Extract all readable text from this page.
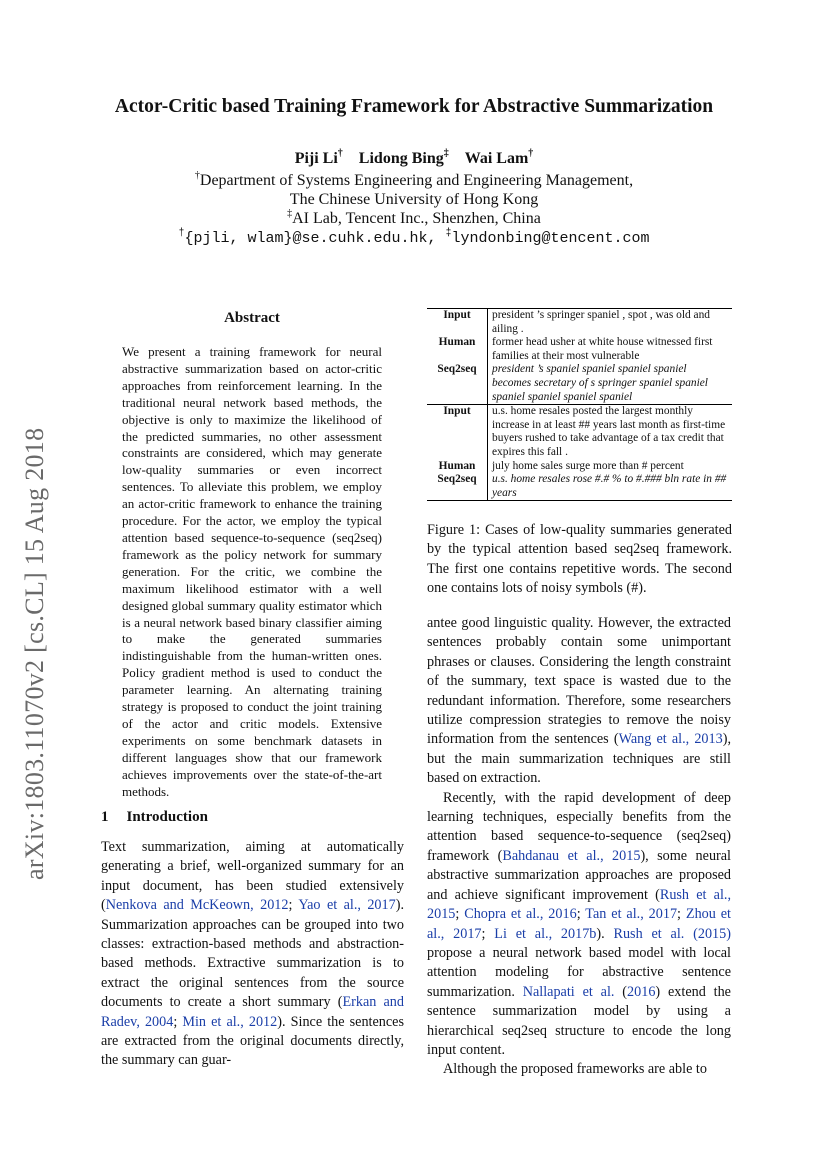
arXiv:1803.11070v2 [cs.CL] 15 Aug 2018
Actor-Critic based Training Framework for Abstractive Summarization
Piji Li† Lidong Bing‡ Wai Lam†
†Department of Systems Engineering and Engineering Management,
The Chinese University of Hong Kong
‡AI Lab, Tencent Inc., Shenzhen, China
†{pjli, wlam}@se.cuhk.edu.hk, ‡lyndonbing@tencent.com
Abstract
We present a training framework for neural abstractive summarization based on actor-critic approaches from reinforcement learning. In the traditional neural network based methods, the objective is only to maximize the likelihood of the predicted summaries, no other assessment constraints are considered, which may generate low-quality summaries or even incorrect sentences. To alleviate this problem, we employ an actor-critic framework to enhance the training procedure. For the actor, we employ the typical attention based sequence-to-sequence (seq2seq) framework as the policy network for summary generation. For the critic, we combine the maximum likelihood estimator with a well designed global summary quality estimator which is a neural network based binary classifier aiming to make the generated summaries indistinguishable from the human-written ones. Policy gradient method is used to conduct the parameter learning. An alternating training strategy is proposed to conduct the joint training of the actor and critic models. Extensive experiments on some benchmark datasets in different languages show that our framework achieves improvements over the state-of-the-art methods.
1 Introduction
Text summarization, aiming at automatically generating a brief, well-organized summary for an input document, has been studied extensively (Nenkova and McKeown, 2012; Yao et al., 2017). Summarization approaches can be grouped into two classes: extraction-based methods and abstraction-based methods. Extractive summarization is to extract the original sentences from the source documents to create a short summary (Erkan and Radev, 2004; Min et al., 2012). Since the sentences are extracted from the original documents directly, the summary can guar-
Input	president ’s springer spaniel , spot , was old and ailing .
Human	former head usher at white house witnessed first families at their most vulnerable
Seq2seq	president ’s spaniel spaniel spaniel spaniel becomes secretary of s springer spaniel spaniel spaniel spaniel spaniel spaniel
Input	u.s. home resales posted the largest monthly increase in at least ## years last month as first-time buyers rushed to take advantage of a tax credit that expires this fall .
Human	july home sales surge more than # percent
Seq2seq	u.s. home resales rose #.# % to #.### bln rate in ## years
Figure 1: Cases of low-quality summaries generated by the typical attention based seq2seq framework. The first one contains repetitive words. The second one contains lots of noisy symbols (#).

antee good linguistic quality. However, the extracted sentences probably contain some unimportant phrases or clauses. Considering the length constraint of the summary, text space is wasted due to the redundant information. Therefore, some researchers utilize compression strategies to remove the noisy information from the sentences (Wang et al., 2013), but the main summarization techniques are still based on extraction.

Recently, with the rapid development of deep learning techniques, especially benefits from the attention based sequence-to-sequence (seq2seq) framework (Bahdanau et al., 2015), some neural abstractive summarization approaches are proposed and achieve significant improvement (Rush et al., 2015; Chopra et al., 2016; Tan et al., 2017; Zhou et al., 2017; Li et al., 2017b). Rush et al. (2015) propose a neural network based model with local attention modeling for abstractive sentence summarization. Nallapati et al. (2016) extend the sentence summarization model by using a hierarchical seq2seq structure to encode the long input content.

Although the proposed frameworks are able to
